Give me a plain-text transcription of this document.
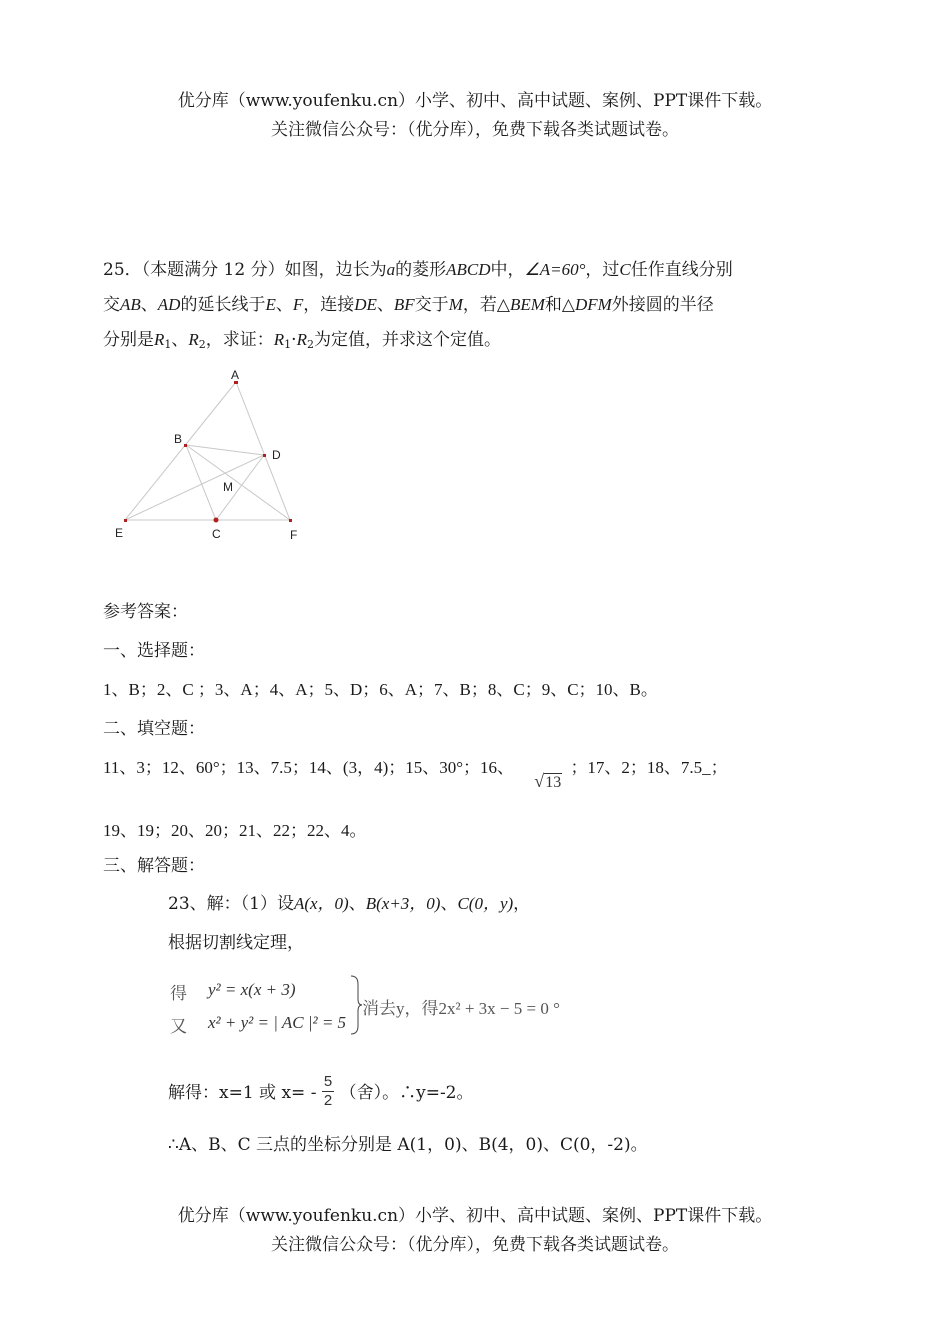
优分库（www.youfenku.cn）小学、初中、高中试题、案例、PPT课件下载。
关注微信公众号：（优分库），免费下载各类试题试卷。
25．（本题满分 12 分）如图，边长为a的菱形ABCD中，∠A=60°，过C任作直线分别
交AB、AD的延长线于E、F，连接DE、BF交于M，若△BEM和△DFM外接圆的半径
分别是$R_1$、$R_2$，求证：$R_1\cdot R_2$为定值，并求这个定值。
A
B
D
M
E	C	F
参考答案：
一、选择题：
1、B；2、C ；3、A；4、A；5、D；6、A；7、B；8、C；9、C；10、B。
二、填空题：
11、3；12、60°；13、7.5；14、(3，4)；15、30°；16、 √13 ；17、2；18、7.5_；
19、19；20、20；21、22；22、4。
三、解答题：
23、解：（1）设A(x，0)、B(x+3，0)、C(0，y)，
根据切割线定理，
得 y² = x(x + 3)
又 x² + y² = | AC |² = 5
消去y，得2x² + 3x − 5 = 0 °
解得：x=1 或 $x= - \frac{5}{2}$ （舍）。∴y=-2。
∴A、B、C 三点的坐标分别是 A(1，0)、B(4，0)、C(0，-2)。
优分库（www.youfenku.cn）小学、初中、高中试题、案例、PPT课件下载。
关注微信公众号：（优分库），免费下载各类试题试卷。
